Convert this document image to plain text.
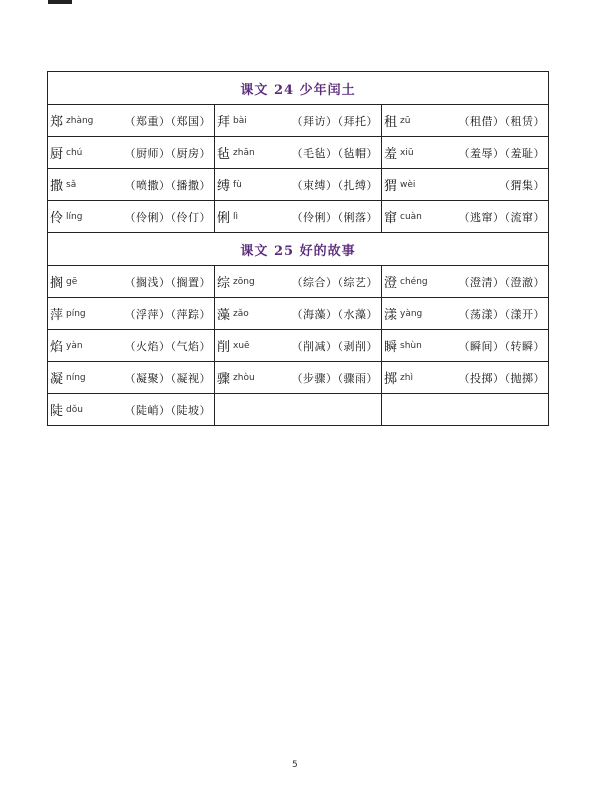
课文 24 少年闰土
郑 zhàng	（郑重）（郑国） 拜 bài	（拜访）（拜托） 租 zū	（租借）（租赁）
厨 chú	（厨师）（厨房） 毡 zhān	（毛毡）（毡帽） 羞 xiū	（羞辱）（羞耻）
撒 sǎ	（喷撒）（播撒） 缚 fù	（束缚）（扎缚） 猬 wèi	（猬集）
伶 líng	（伶俐）（伶仃） 俐 lì	（伶俐）（俐落） 窜 cuàn	（逃窜）（流窜）
课文 25 好的故事
搁 gē	（搁浅）（搁置） 综 zōng	（综合）（综艺） 澄 chéng	（澄清）（澄澈）
萍 píng	（浮萍）（萍踪） 藻 zǎo	（海藻）（水藻） 漾 yàng	（荡漾）（漾开）
焰 yàn	（火焰）（气焰） 削 xuē	（削减）（剥削） 瞬 shùn	（瞬间）（转瞬）
凝 níng	（凝聚）（凝视） 骤 zhòu	（步骤）（骤雨） 掷 zhì	（投掷）（抛掷）
陡 dǒu	（陡峭）（陡坡）
5
